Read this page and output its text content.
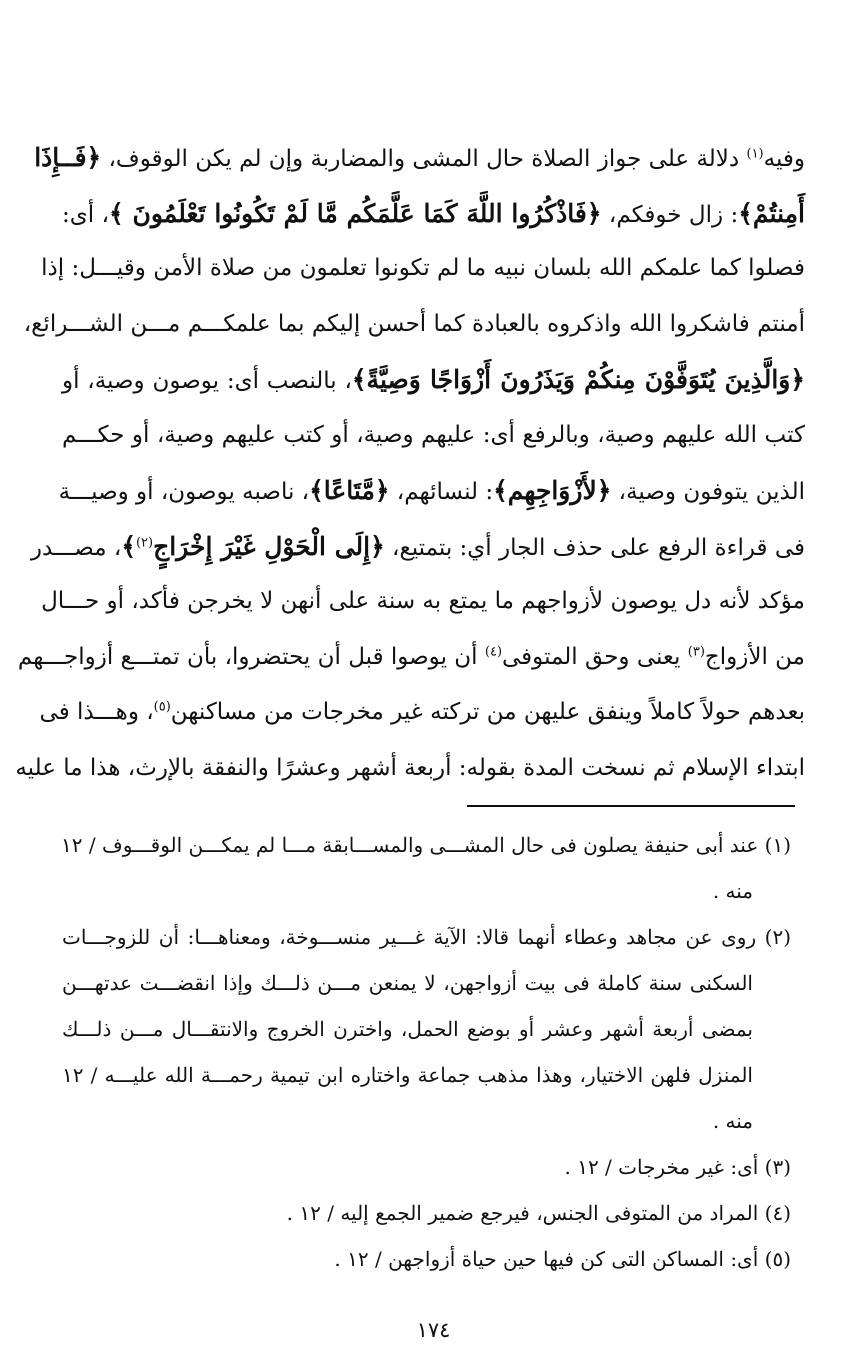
وفيه$^{(١)}$ دلالة على جواز الصلاة حال المشى والمضاربة وإن لم يكن الوقوف، ﴿فَــإِذَا
أَمِنتُمْ﴾: زال خوفكم، ﴿فَاذْكُرُوا اللَّهَ كَمَا عَلَّمَكُم مَّا لَمْ تَكُونُوا تَعْلَمُونَ ﴾، أى:
فصلوا كما علمكم الله بلسان نبيه ما لم تكونوا تعلمون من صلاة الأمن وقيـــل: إذا
أمنتم فاشكروا الله واذكروه بالعبادة كما أحسن إليكم بما علمكـــم مـــن الشـــرائع،
﴿وَالَّذِينَ يُتَوَفَّوْنَ مِنكُمْ وَيَذَرُونَ أَزْوَاجًا وَصِيَّةً﴾، بالنصب أى: يوصون وصية، أو
كتب الله عليهم وصية، وبالرفع أى: عليهم وصية، أو كتب عليهم وصية، أو حكـــم
الذين يتوفون وصية، ﴿لأَزْوَاجِهِم﴾: لنسائهم، ﴿مَّتَاعًا﴾، ناصبه يوصون، أو وصيـــة
فى قراءة الرفع على حذف الجار أي: بتمتيع، ﴿إِلَى الْحَوْلِ غَيْرَ إِخْرَاجٍ$^{(٢)}$﴾، مصـــدر
مؤكد لأنه دل يوصون لأزواجهم ما يمتع به سنة على أنهن لا يخرجن فأكد، أو حـــال
من الأزواج$^{(٣)}$ يعنى وحق المتوفى$^{(٤)}$ أن يوصوا قبل أن يحتضروا، بأن تمتـــع أزواجـــهم
بعدهم حولاً كاملاً وينفق عليهن من تركته غير مخرجات من مساكنهن$^{(٥)}$، وهـــذا فى
ابتداء الإسلام ثم نسخت المدة بقوله: أربعة أشهر وعشرًا والنفقة بالإرث، هذا ما عليه
(١) عند أبى حنيفة يصلون فى حال المشـــى والمســـابقة مـــا لم يمكـــن الوقـــوف / ١٢
منه .
(٢) روى عن مجاهد وعطاء أنهما قالا: الآية غـــير منســـوخة، ومعناهـــا: أن للزوجـــات
السكنى سنة كاملة فى بيت أزواجهن، لا يمنعن مـــن ذلـــك وإذا انقضـــت عدتهـــن
بمضى أربعة أشهر وعشر أو بوضع الحمل، واخترن الخروج والانتقـــال مـــن ذلـــك
المنزل فلهن الاختيار، وهذا مذهب جماعة واختاره ابن تيمية رحمـــة الله عليـــه / ١٢
منه .
(٣) أى: غير مخرجات / ١٢ .
(٤) المراد من المتوفى الجنس، فيرجع ضمير الجمع إليه / ١٢ .
(٥) أى: المساكن التى كن فيها حين حياة أزواجهن / ١٢ .
١٧٤
